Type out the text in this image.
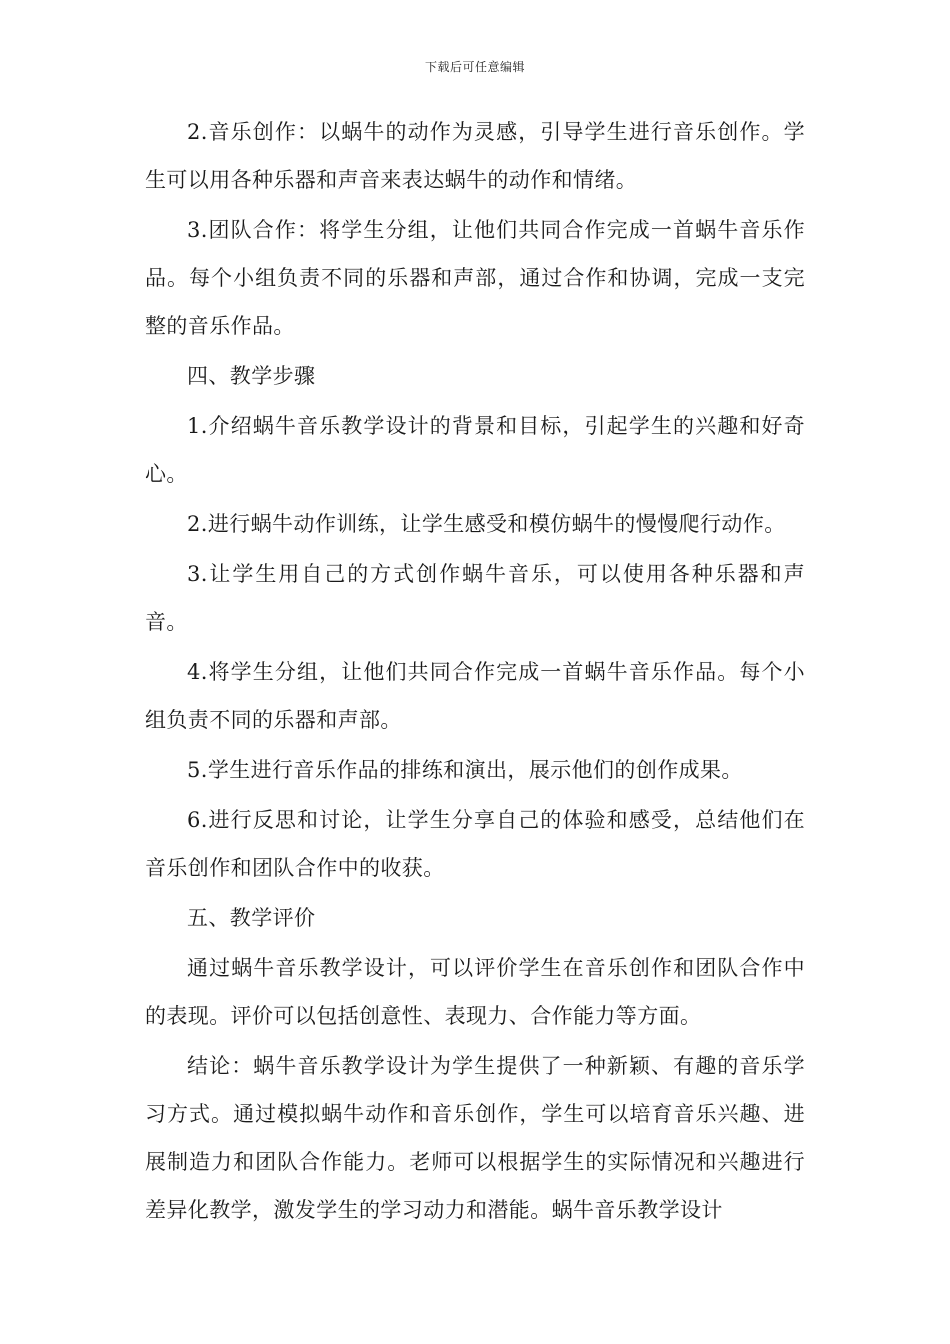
下载后可任意编辑

2.音乐创作：以蜗牛的动作为灵感，引导学生进行音乐创作。学生可以用各种乐器和声音来表达蜗牛的动作和情绪。

3.团队合作：将学生分组，让他们共同合作完成一首蜗牛音乐作品。每个小组负责不同的乐器和声部，通过合作和协调，完成一支完整的音乐作品。

四、教学步骤

1.介绍蜗牛音乐教学设计的背景和目标，引起学生的兴趣和好奇心。

2.进行蜗牛动作训练，让学生感受和模仿蜗牛的慢慢爬行动作。

3.让学生用自己的方式创作蜗牛音乐，可以使用各种乐器和声音。

4.将学生分组，让他们共同合作完成一首蜗牛音乐作品。每个小组负责不同的乐器和声部。

5.学生进行音乐作品的排练和演出，展示他们的创作成果。

6.进行反思和讨论，让学生分享自己的体验和感受，总结他们在音乐创作和团队合作中的收获。

五、教学评价

通过蜗牛音乐教学设计，可以评价学生在音乐创作和团队合作中的表现。评价可以包括创意性、表现力、合作能力等方面。

结论：蜗牛音乐教学设计为学生提供了一种新颖、有趣的音乐学习方式。通过模拟蜗牛动作和音乐创作，学生可以培育音乐兴趣、进展制造力和团队合作能力。老师可以根据学生的实际情况和兴趣进行差异化教学，激发学生的学习动力和潜能。蜗牛音乐教学设计
